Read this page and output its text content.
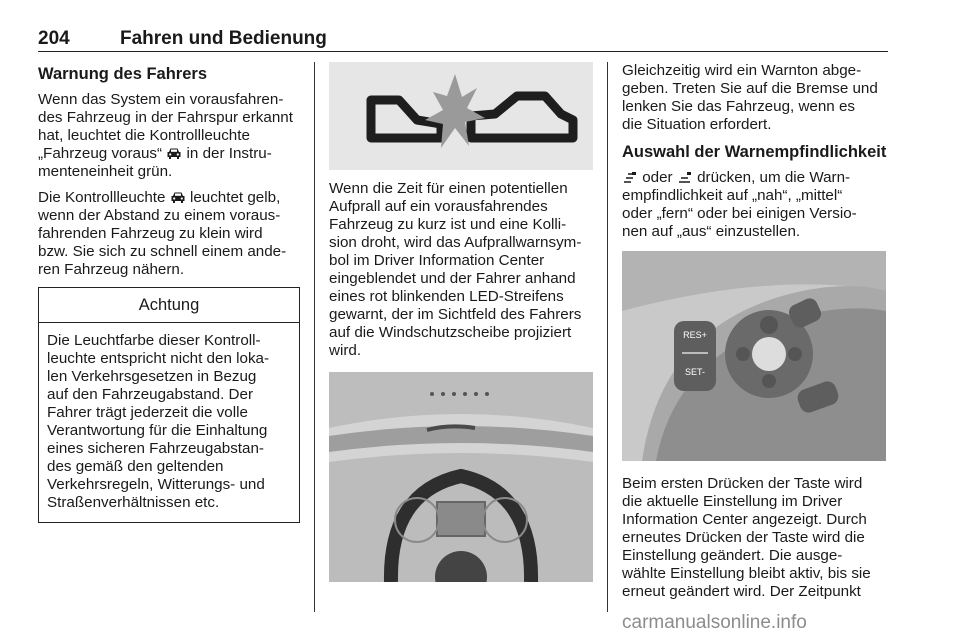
204	Fahren und Bedienung
Warnung des Fahrers

Wenn das System ein vorausfahren-
des Fahrzeug in der Fahrspur erkannt
hat, leuchtet die Kontrollleuchte
„Fahrzeug voraus“  in der Instru-
menteneinheit grün.

Die Kontrollleuchte  leuchtet gelb,
wenn der Abstand zu einem voraus-
fahrenden Fahrzeug zu klein wird
bzw. Sie sich zu schnell einem ande-
ren Fahrzeug nähern.

Achtung
Die Leuchtfarbe dieser Kontroll-
leuchte entspricht nicht den loka-
len Verkehrsgesetzen in Bezug
auf den Fahrzeugabstand. Der
Fahrer trägt jederzeit die volle
Verantwortung für die Einhaltung
eines sicheren Fahrzeugabstan-
des gemäß den geltenden
Verkehrsregeln, Witterungs- und
Straßenverhältnissen etc.

Wenn die Zeit für einen potentiellen
Aufprall auf ein vorausfahrendes
Fahrzeug zu kurz ist und eine Kolli-
sion droht, wird das Aufprallwarnsym-
bol im Driver Information Center
eingeblendet und der Fahrer anhand
eines rot blinkenden LED-Streifens
gewarnt, der im Sichtfeld des Fahrers
auf die Windschutzscheibe projiziert
wird.

Gleichzeitig wird ein Warnton abge-
geben. Treten Sie auf die Bremse und
lenken Sie das Fahrzeug, wenn es
die Situation erfordert.

Auswahl der Warnempfindlichkeit

oder  drücken, um die Warn-
empfindlichkeit auf „nah“, „mittel“
oder „fern“ oder bei einigen Versio-
nen auf „aus“ einzustellen.

RES+
SET-

Beim ersten Drücken der Taste wird
die aktuelle Einstellung im Driver
Information Center angezeigt. Durch
erneutes Drücken der Taste wird die
Einstellung geändert. Die ausge-
wählte Einstellung bleibt aktiv, bis sie
erneut geändert wird. Der Zeitpunkt

carmanualsonline.info
